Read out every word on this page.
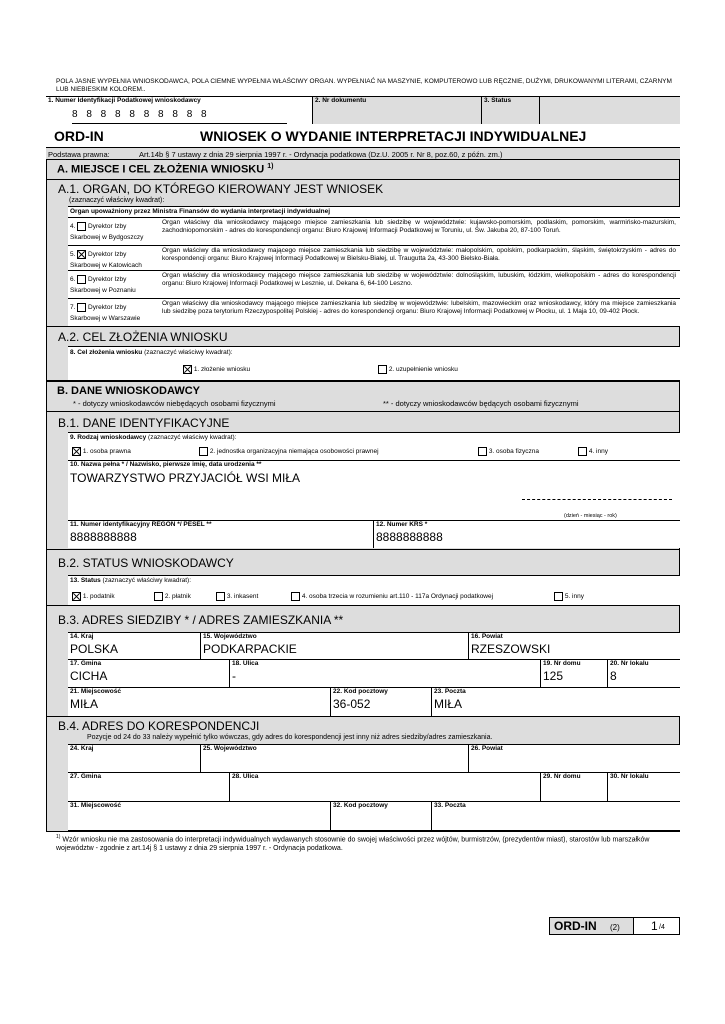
POLA JASNE WYPEŁNIA WNIOSKODAWCA, POLA CIEMNE WYPEŁNIA WŁAŚCIWY ORGAN. WYPEŁNIAĆ NA MASZYNIE, KOMPUTEROWO LUB RĘCZNIE, DUŻYMI, DRUKOWANYMI LITERAMI, CZARNYM LUB NIEBIESKIM KOLOREM..
1. Numer Identyfikacji Podatkowej wnioskodawcy
8 8 8 8 8 8 8 8 8 8
2. Nr dokumentu	3. Status
ORD-IN	WNIOSEK O WYDANIE INTERPRETACJI INDYWIDUALNEJ
Podstawa prawna:	Art.14b § 7 ustawy z dnia 29 sierpnia 1997 r. - Ordynacja podatkowa (Dz.U. 2005 r. Nr 8, poz.60, z późn. zm.)
A. MIEJSCE I CEL ZŁOŻENIA WNIOSKU $^{1)}$
A.1. ORGAN, DO KTÓREGO KIEROWANY JEST WNIOSEK
(zaznaczyć właściwy kwadrat):
Organ upoważniony przez Ministra Finansów do wydania interpretacji indywidualnej
4. Dyrektor Izby
Skarbowej w Bydgoszczy
Organ właściwy dla wnioskodawcy mającego miejsce zamieszkania lub siedzibę w województwie: kujawsko-pomorskim, podlaskim, pomorskim, warmińsko-mazurskim, zachodniopomorskim - adres do korespondencji organu: Biuro Krajowej Informacji Podatkowej w Toruniu, ul. Św. Jakuba 20, 87-100 Toruń.
5. Dyrektor Izby
Skarbowej w Katowicach
Organ właściwy dla wnioskodawcy mającego miejsce zamieszkania lub siedzibę w województwie: małopolskim, opolskim, podkarpackim, śląskim, świętokrzyskim - adres do korespondencji organu: Biuro Krajowej Informacji Podatkowej w Bielsku-Białej, ul. Traugutta 2a, 43-300 Bielsko-Biała.
6. Dyrektor Izby
Skarbowej w Poznaniu
Organ właściwy dla wnioskodawcy mającego miejsce zamieszkania lub siedzibę w województwie: dolnośląskim, lubuskim, łódzkim, wielkopolskim - adres do korespondencji organu: Biuro Krajowej Informacji Podatkowej w Lesznie, ul. Dekana 6, 64-100 Leszno.
7. Dyrektor Izby
Skarbowej w Warszawie
Organ właściwy dla wnioskodawcy mającego miejsce zamieszkania lub siedzibę w województwie: lubelskim, mazowieckim oraz wnioskodawcy, który ma miejsce zamieszkania lub siedzibę poza terytorium Rzeczypospolitej Polskiej - adres do korespondencji organu: Biuro Krajowej Informacji Podatkowej w Płocku, ul. 1 Maja 10, 09-402 Płock.
A.2. CEL ZŁOŻENIA WNIOSKU
8. Cel złożenia wniosku (zaznaczyć właściwy kwadrat):
1. złożenie wniosku	2. uzupełnienie wniosku
B. DANE WNIOSKODAWCY
* - dotyczy wnioskodawców niebędących osobami fizycznymi	** - dotyczy wnioskodawców będących osobami fizycznymi
B.1. DANE IDENTYFIKACYJNE
9. Rodzaj wnioskodawcy (zaznaczyć właściwy kwadrat):
1. osoba prawna	2. jednostka organizacyjna niemająca osobowości prawnej	3. osoba fizyczna	4. inny
10. Nazwa pełna * / Nazwisko, pierwsze imię, data urodzenia **
TOWARZYSTWO PRZYJACIÓŁ WSI MIŁA
(dzień - miesiąc - rok)
11. Numer identyfikacyjny REGON */ PESEL **
8888888888
12. Numer KRS *
8888888888
B.2. STATUS WNIOSKODAWCY
13. Status (zaznaczyć właściwy kwadrat):
1. podatnik	2. płatnik	3. inkasent	4. osoba trzecia w rozumieniu art.110 - 117a Ordynacji podatkowej	5. inny
B.3. ADRES SIEDZIBY * / ADRES ZAMIESZKANIA **
14. Kraj
POLSKA
15. Województwo
PODKARPACKIE
16. Powiat
RZESZOWSKI
17. Gmina
CICHA
18. Ulica
-
19. Nr domu
125
20. Nr lokalu
8
21. Miejscowość
MIŁA
22. Kod pocztowy
36-052
23. Poczta
MIŁA
B.4. ADRES DO KORESPONDENCJI
Pozycje od 24 do 33 należy wypełnić tylko wówczas, gdy adres do korespondencji jest inny niż adres siedziby/adres zamieszkania.
24. Kraj	25. Województwo	26. Powiat
27. Gmina	28. Ulica	29. Nr domu	30. Nr lokalu
31. Miejscowość	32. Kod pocztowy	33. Poczta
$^{1)}$ Wzór wniosku nie ma zastosowania do interpretacji indywidualnych wydawanych stosownie do swojej właściwości przez wójtów, burmistrzów, (prezydentów miast), starostów lub marszałków województw - zgodnie z art.14j § 1 ustawy z dnia 29 sierpnia 1997 r. - Ordynacja podatkowa.
ORD-IN (2)	1 /4
